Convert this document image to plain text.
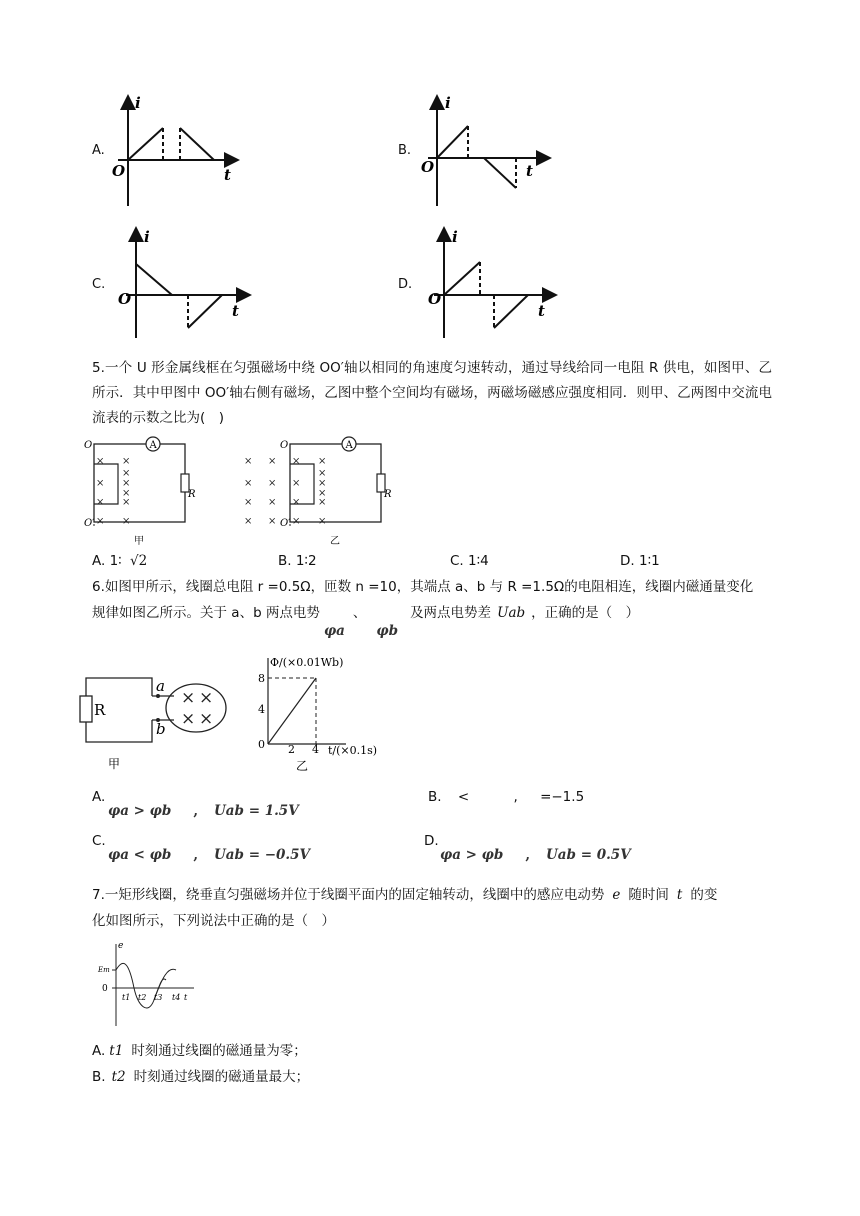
A.
i
t
O
B.
i
t
O
C.
i
t
O
D.
i
t
O
5.一个 U 形金属线框在匀强磁场中绕 OO′轴以相同的角速度匀速转动，通过导线给同一电阻 R 供电，如图甲、乙所示．其中甲图中 OO′轴右侧有磁场，乙图中整个空间均有磁场，两磁场磁感应强度相同．则甲、乙两图中交流电流表的示数之比为(　)
A
R
× ×
× ×
× ×
× ×
×
×
O
O′
甲
A
R
× ×
× ×
× ×
× ×
× ×
× ×
× ×
× ×
×
×
O
O′
乙
A. 1∶ √2	B. 1∶2	C. 1∶4	D. 1∶1
6.如图甲所示，线圈总电阻 r =0.5Ω，匝数 n =10，其端点 a、b 与 R =1.5Ω的电阻相连，线圈内磁通量变化
规律如图乙所示。关于 a、b 两点电势φa、φb及两点电势差 Uab ，正确的是（　）
R
× ×
× ×
a
b
甲
Φ/(×0.01Wb)
8
4
0 2 4 t/(×0.1s)
乙
A.
φa > φb , Uab = 1.5V
B. <	, =−1.5
C.
φa < φb , Uab = −0.5V
D.
φa > φb , Uab = 0.5V
7.一矩形线圈，绕垂直匀强磁场并位于线圈平面内的固定轴转动，线圈中的感应电动势 e 随时间 t 的变
化如图所示，下列说法中正确的是（　）
e
Em
0
t1 t2 t3 t4 t
A. t1 时刻通过线圈的磁通量为零；
B. t2 时刻通过线圈的磁通量最大；
